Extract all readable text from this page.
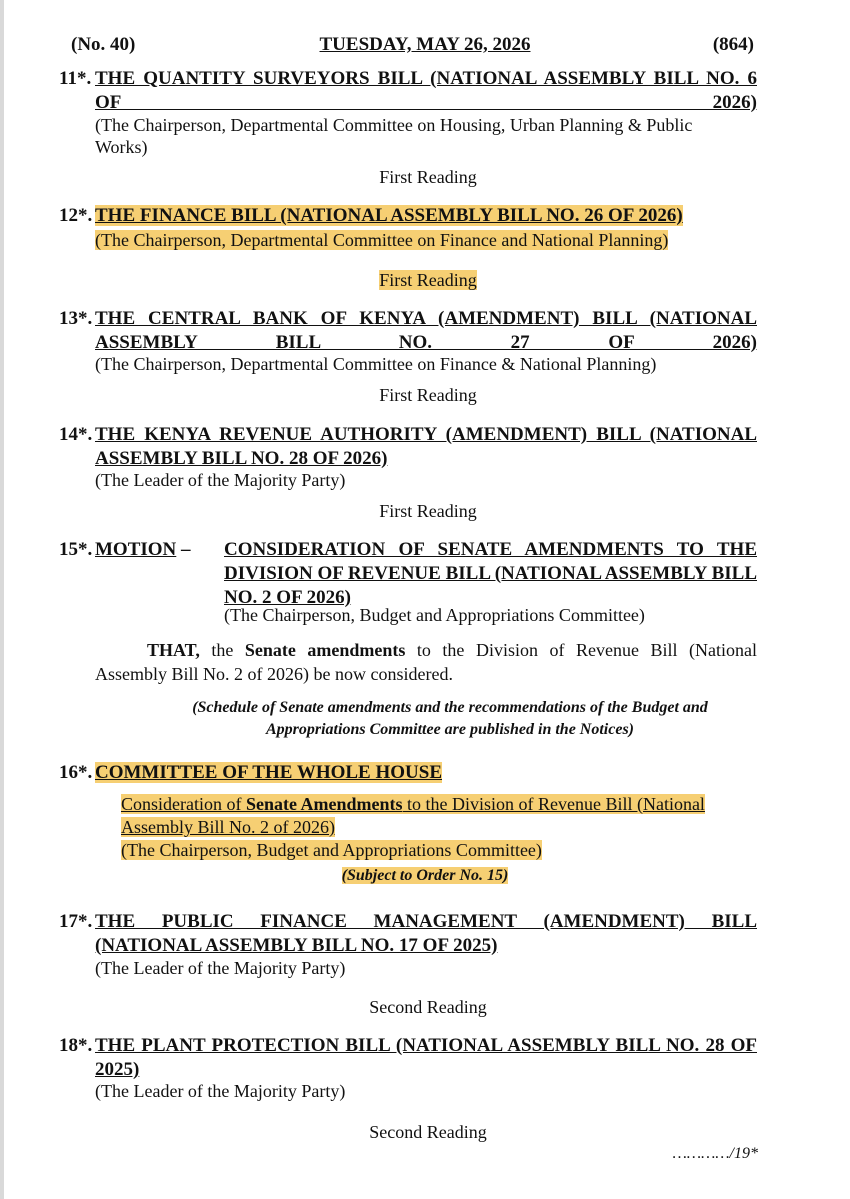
(No. 40)	TUESDAY, MAY 26, 2026	(864)
11*. THE QUANTITY SURVEYORS BILL (NATIONAL ASSEMBLY BILL NO. 6 OF 2026)
(The Chairperson, Departmental Committee on Housing, Urban Planning & Public
Works)
First Reading
12*. THE FINANCE BILL (NATIONAL ASSEMBLY BILL NO. 26 OF 2026)
(The Chairperson, Departmental Committee on Finance and National Planning)
First Reading
13*. THE CENTRAL BANK OF KENYA (AMENDMENT) BILL (NATIONAL ASSEMBLY BILL NO. 27 OF 2026)
(The Chairperson, Departmental Committee on Finance & National Planning)
First Reading
14*. THE KENYA REVENUE AUTHORITY (AMENDMENT) BILL (NATIONAL ASSEMBLY BILL NO. 28 OF 2026)
(The Leader of the Majority Party)
First Reading
15*. MOTION – CONSIDERATION OF SENATE AMENDMENTS TO THE DIVISION OF REVENUE BILL (NATIONAL ASSEMBLY BILL NO. 2 OF 2026)
(The Chairperson, Budget and Appropriations Committee)
THAT, the Senate amendments to the Division of Revenue Bill (National Assembly Bill No. 2 of 2026) be now considered.
(Schedule of Senate amendments and the recommendations of the Budget and
Appropriations Committee are published in the Notices)
16*. COMMITTEE OF THE WHOLE HOUSE
Consideration of Senate Amendments to the Division of Revenue Bill (National
Assembly Bill No. 2 of 2026)
(The Chairperson, Budget and Appropriations Committee)
(Subject to Order No. 15)
17*. THE PUBLIC FINANCE MANAGEMENT (AMENDMENT) BILL (NATIONAL ASSEMBLY BILL NO. 17 OF 2025)
(The Leader of the Majority Party)
Second Reading
18*. THE PLANT PROTECTION BILL (NATIONAL ASSEMBLY BILL NO. 28 OF 2025)
(The Leader of the Majority Party)
Second Reading
…………/19*
